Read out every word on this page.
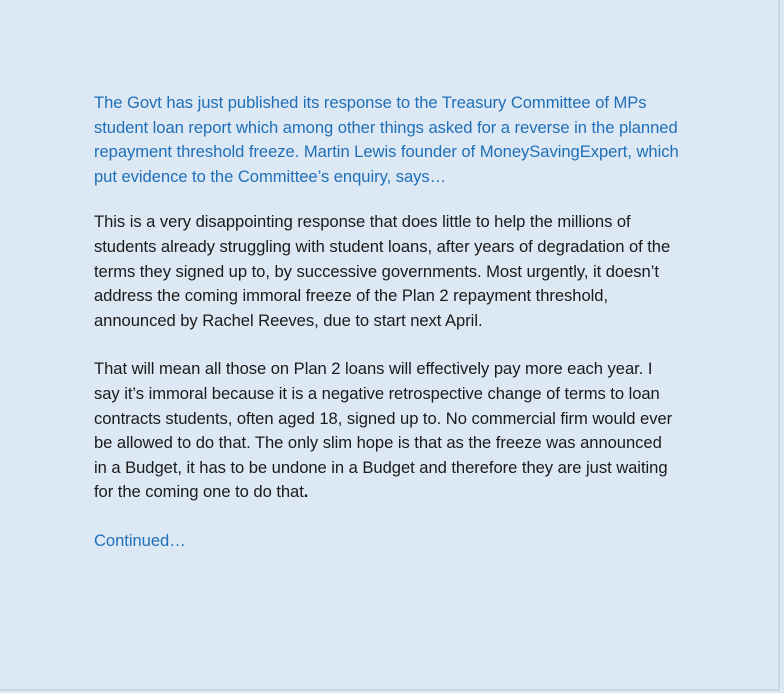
The Govt has just published its response to the Treasury Committee of MPs student loan report which among other things asked for a reverse in the planned repayment threshold freeze. Martin Lewis founder of MoneySavingExpert, which put evidence to the Committee’s enquiry, says…

This is a very disappointing response that does little to help the millions of students already struggling with student loans, after years of degradation of the terms they signed up to, by successive governments. Most urgently, it doesn’t address the coming immoral freeze of the Plan 2 repayment threshold, announced by Rachel Reeves, due to start next April.

That will mean all those on Plan 2 loans will effectively pay more each year. I say it’s immoral because it is a negative retrospective change of terms to loan contracts students, often aged 18, signed up to. No commercial firm would ever be allowed to do that. The only slim hope is that as the freeze was announced in a Budget, it has to be undone in a Budget and therefore they are just waiting for the coming one to do that.

Continued…
